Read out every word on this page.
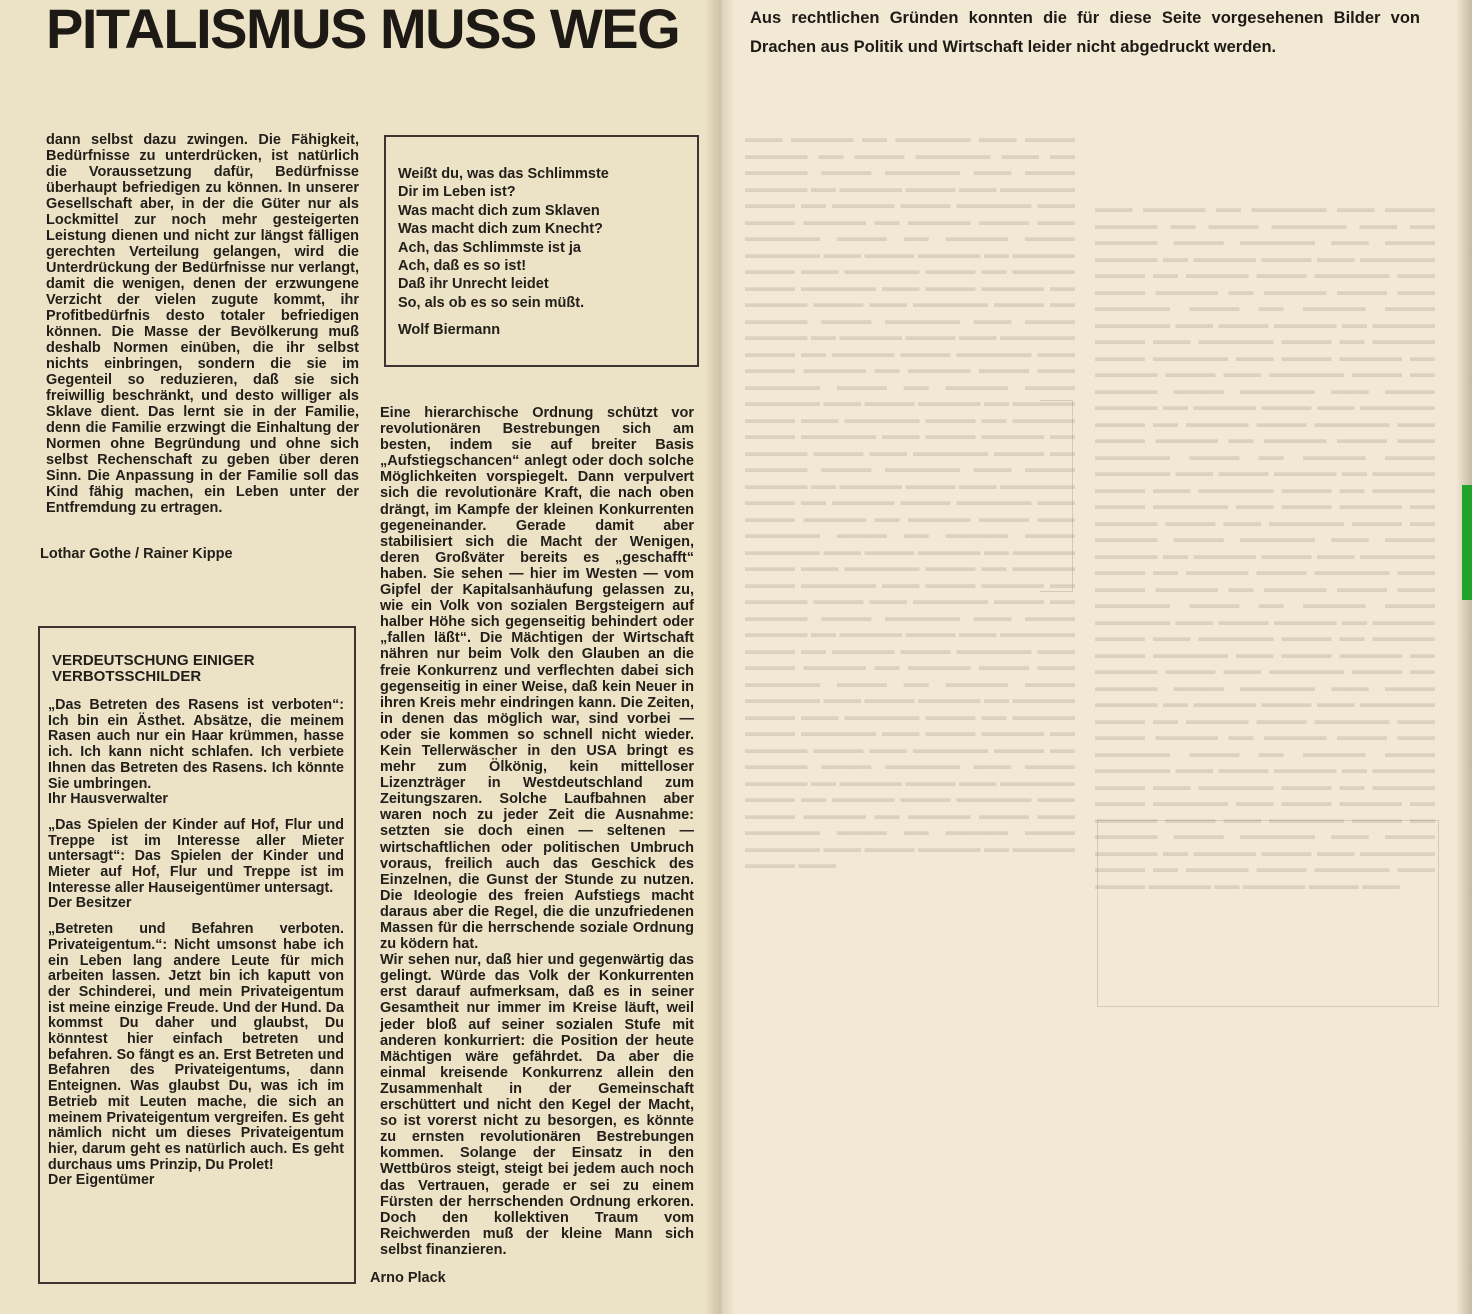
▬▬▬ ▬▬▬▬▬ ▬▬ ▬▬▬▬▬▬ ▬▬▬ ▬▬▬▬ ▬▬▬▬▬ ▬▬ ▬▬▬▬ ▬▬▬▬▬▬ ▬▬▬ ▬▬ ▬▬▬▬▬ ▬▬▬▬ ▬▬▬▬▬▬ ▬▬▬ ▬▬▬▬ ▬▬▬▬▬ ▬▬ ▬▬▬▬▬ ▬▬▬▬ ▬▬▬ ▬▬▬▬▬▬ ▬▬▬▬ ▬▬ ▬▬▬▬▬ ▬▬▬▬ ▬▬▬▬▬▬ ▬▬▬ ▬▬▬▬ ▬▬▬▬▬ ▬▬ ▬▬▬▬▬ ▬▬▬▬ ▬▬▬ ▬▬▬▬▬▬ ▬▬▬▬ ▬▬ ▬▬▬▬▬ ▬▬▬▬ ▬▬▬▬▬▬ ▬▬▬ ▬▬▬▬ ▬▬▬▬▬ ▬▬ ▬▬▬▬▬ ▬▬▬▬ ▬▬▬ ▬▬▬▬▬▬ ▬▬▬▬ ▬▬ ▬▬▬▬▬ ▬▬▬▬ ▬▬▬▬▬▬ ▬▬▬ ▬▬▬▬ ▬▬▬▬▬ ▬▬ ▬▬▬▬▬ ▬▬▬▬ ▬▬▬ ▬▬▬▬▬▬ ▬▬▬▬ ▬▬ ▬▬▬▬▬ ▬▬▬▬ ▬▬▬▬▬▬ ▬▬▬ ▬▬▬▬ ▬▬▬▬▬ ▬▬ ▬▬▬▬▬ ▬▬▬▬ ▬▬▬ ▬▬▬▬▬▬ ▬▬▬▬ ▬▬ ▬▬▬▬▬ ▬▬▬▬ ▬▬▬▬▬▬ ▬▬▬ ▬▬▬▬ ▬▬▬▬▬ ▬▬ ▬▬▬▬▬ ▬▬▬▬ ▬▬▬ ▬▬▬▬▬▬ ▬▬▬▬ ▬▬ ▬▬▬▬▬ ▬▬▬▬ ▬▬▬▬▬▬ ▬▬▬ ▬▬▬▬ ▬▬▬▬▬ ▬▬ ▬▬▬▬▬ ▬▬▬▬ ▬▬▬ ▬▬▬▬▬▬ ▬▬▬▬ ▬▬ ▬▬▬▬▬ ▬▬▬▬ ▬▬▬▬▬▬ ▬▬▬ ▬▬▬▬ ▬▬▬▬▬ ▬▬ ▬▬▬▬▬ ▬▬▬▬ ▬▬▬ ▬▬▬▬▬▬ ▬▬▬▬ ▬▬ ▬▬▬▬▬ ▬▬▬▬ ▬▬▬▬▬▬ ▬▬▬ ▬▬▬▬ ▬▬▬▬▬ ▬▬ ▬▬▬▬▬ ▬▬▬▬ ▬▬▬ ▬▬▬▬▬▬ ▬▬▬▬ ▬▬ ▬▬▬▬▬ ▬▬▬▬ ▬▬▬▬▬▬ ▬▬▬ ▬▬▬▬ ▬▬▬▬▬ ▬▬ ▬▬▬▬▬ ▬▬▬▬ ▬▬▬ ▬▬▬▬▬▬ ▬▬▬▬ ▬▬ ▬▬▬▬▬ ▬▬▬▬ ▬▬▬▬▬▬ ▬▬▬ ▬▬▬▬ ▬▬▬▬▬ ▬▬ ▬▬▬▬▬ ▬▬▬▬ ▬▬▬ ▬▬▬▬▬▬ ▬▬▬▬ ▬▬ ▬▬▬▬▬ ▬▬▬▬ ▬▬▬▬▬▬ ▬▬▬ ▬▬▬▬ ▬▬▬▬▬ ▬▬ ▬▬▬▬▬ ▬▬▬▬ ▬▬▬ ▬▬▬▬▬▬ ▬▬▬▬ ▬▬ ▬▬▬▬▬ ▬▬▬▬ ▬▬▬▬▬▬ ▬▬▬ ▬▬▬▬ ▬▬▬▬▬ ▬▬ ▬▬▬▬▬ ▬▬▬▬ ▬▬▬ ▬▬▬▬▬▬ ▬▬▬▬ ▬▬ ▬▬▬▬▬ ▬▬▬▬ ▬▬▬▬▬▬ ▬▬▬ ▬▬▬▬ ▬▬▬▬▬ ▬▬ ▬▬▬▬▬ ▬▬▬▬ ▬▬▬ ▬▬▬▬▬▬ ▬▬▬▬ ▬▬ ▬▬▬▬▬ ▬▬▬▬ ▬▬▬▬▬▬ ▬▬▬ ▬▬▬▬ ▬▬▬▬▬ ▬▬ ▬▬▬▬▬ ▬▬▬▬ ▬▬▬ ▬▬▬▬▬▬ ▬▬▬▬ ▬▬ ▬▬▬▬▬ ▬▬▬▬ ▬▬▬▬▬▬ ▬▬▬ ▬▬▬▬ ▬▬▬▬▬ ▬▬ ▬▬▬▬▬ ▬▬▬▬ ▬▬▬ ▬▬▬▬▬▬ ▬▬▬▬ ▬▬ ▬▬▬▬▬ ▬▬▬▬ ▬▬▬▬▬▬ ▬▬▬ ▬▬▬▬ ▬▬▬▬▬ ▬▬ ▬▬▬▬▬ ▬▬▬▬ ▬▬▬ ▬▬▬▬▬▬ ▬▬▬▬ ▬▬ ▬▬▬▬▬ ▬▬▬▬ ▬▬▬▬▬▬ ▬▬▬ ▬▬▬▬ ▬▬▬▬▬ ▬▬ ▬▬▬▬▬ ▬▬▬▬ ▬▬▬ ▬▬▬▬▬▬ ▬▬▬▬ ▬▬ ▬▬▬▬▬ ▬▬▬▬ ▬▬▬▬▬▬ ▬▬▬ ▬▬▬▬ ▬▬▬▬▬ ▬▬ ▬▬▬▬▬ ▬▬▬▬ ▬▬▬
▬▬▬ ▬▬▬▬▬ ▬▬ ▬▬▬▬▬▬ ▬▬▬ ▬▬▬▬ ▬▬▬▬▬ ▬▬ ▬▬▬▬ ▬▬▬▬▬▬ ▬▬▬ ▬▬ ▬▬▬▬▬ ▬▬▬▬ ▬▬▬▬▬▬ ▬▬▬ ▬▬▬▬ ▬▬▬▬▬ ▬▬ ▬▬▬▬▬ ▬▬▬▬ ▬▬▬ ▬▬▬▬▬▬ ▬▬▬▬ ▬▬ ▬▬▬▬▬ ▬▬▬▬ ▬▬▬▬▬▬ ▬▬▬ ▬▬▬▬ ▬▬▬▬▬ ▬▬ ▬▬▬▬▬ ▬▬▬▬ ▬▬▬ ▬▬▬▬▬▬ ▬▬▬▬ ▬▬ ▬▬▬▬▬ ▬▬▬▬ ▬▬▬▬▬▬ ▬▬▬ ▬▬▬▬ ▬▬▬▬▬ ▬▬ ▬▬▬▬▬ ▬▬▬▬ ▬▬▬ ▬▬▬▬▬▬ ▬▬▬▬ ▬▬ ▬▬▬▬▬ ▬▬▬▬ ▬▬▬▬▬▬ ▬▬▬ ▬▬▬▬ ▬▬▬▬▬ ▬▬ ▬▬▬▬▬ ▬▬▬▬ ▬▬▬ ▬▬▬▬▬▬ ▬▬▬▬ ▬▬ ▬▬▬▬▬ ▬▬▬▬ ▬▬▬▬▬▬ ▬▬▬ ▬▬▬▬ ▬▬▬▬▬ ▬▬ ▬▬▬▬▬ ▬▬▬▬ ▬▬▬ ▬▬▬▬▬▬ ▬▬▬▬ ▬▬ ▬▬▬▬▬ ▬▬▬▬ ▬▬▬▬▬▬ ▬▬▬ ▬▬▬▬ ▬▬▬▬▬ ▬▬ ▬▬▬▬▬ ▬▬▬▬ ▬▬▬ ▬▬▬▬▬▬ ▬▬▬▬ ▬▬ ▬▬▬▬▬ ▬▬▬▬ ▬▬▬▬▬▬ ▬▬▬ ▬▬▬▬ ▬▬▬▬▬ ▬▬ ▬▬▬▬▬ ▬▬▬▬ ▬▬▬ ▬▬▬▬▬▬ ▬▬▬▬ ▬▬ ▬▬▬▬▬ ▬▬▬▬ ▬▬▬▬▬▬ ▬▬▬ ▬▬▬▬ ▬▬▬▬▬ ▬▬ ▬▬▬▬▬ ▬▬▬▬ ▬▬▬ ▬▬▬▬▬▬ ▬▬▬▬ ▬▬ ▬▬▬▬▬ ▬▬▬▬ ▬▬▬▬▬▬ ▬▬▬ ▬▬▬▬ ▬▬▬▬▬ ▬▬ ▬▬▬▬▬ ▬▬▬▬ ▬▬▬ ▬▬▬▬▬▬ ▬▬▬▬ ▬▬ ▬▬▬▬▬ ▬▬▬▬ ▬▬▬▬▬▬ ▬▬▬ ▬▬▬▬ ▬▬▬▬▬ ▬▬ ▬▬▬▬▬ ▬▬▬▬ ▬▬▬ ▬▬▬▬▬▬ ▬▬▬▬ ▬▬ ▬▬▬▬▬ ▬▬▬▬ ▬▬▬▬▬▬ ▬▬▬ ▬▬▬▬ ▬▬▬▬▬ ▬▬ ▬▬▬▬▬ ▬▬▬▬ ▬▬▬ ▬▬▬▬▬▬ ▬▬▬▬ ▬▬ ▬▬▬▬▬ ▬▬▬▬ ▬▬▬▬▬▬ ▬▬▬ ▬▬▬▬ ▬▬▬▬▬ ▬▬ ▬▬▬▬▬ ▬▬▬▬ ▬▬▬ ▬▬▬▬▬▬ ▬▬▬▬ ▬▬ ▬▬▬▬▬ ▬▬▬▬ ▬▬▬▬▬▬ ▬▬▬ ▬▬▬▬ ▬▬▬▬▬ ▬▬ ▬▬▬▬▬ ▬▬▬▬ ▬▬▬ ▬▬▬▬▬▬ ▬▬▬▬ ▬▬ ▬▬▬▬▬ ▬▬▬▬ ▬▬▬▬▬▬ ▬▬▬ ▬▬▬▬ ▬▬▬▬▬ ▬▬ ▬▬▬▬▬ ▬▬▬▬ ▬▬▬ ▬▬▬▬▬▬ ▬▬▬▬ ▬▬ ▬▬▬▬▬ ▬▬▬▬ ▬▬▬▬▬▬ ▬▬▬ ▬▬▬▬ ▬▬▬▬▬ ▬▬ ▬▬▬▬▬ ▬▬▬▬ ▬▬▬ ▬▬▬▬▬▬ ▬▬▬▬ ▬▬ ▬▬▬▬▬ ▬▬▬▬ ▬▬▬▬▬▬ ▬▬▬ ▬▬▬▬ ▬▬▬▬▬ ▬▬ ▬▬▬▬▬ ▬▬▬▬ ▬▬▬ ▬▬▬▬▬▬ ▬▬▬▬ ▬▬ ▬▬▬▬▬ ▬▬▬▬ ▬▬▬▬▬▬ ▬▬▬ ▬▬▬▬ ▬▬▬▬▬ ▬▬ ▬▬▬▬▬ ▬▬▬▬ ▬▬▬ ▬▬▬▬▬▬ ▬▬▬▬ ▬▬ ▬▬▬▬▬ ▬▬▬▬ ▬▬▬▬▬▬ ▬▬▬ ▬▬▬▬ ▬▬▬▬▬ ▬▬ ▬▬▬▬▬ ▬▬▬▬ ▬▬▬
PITALISMUS MUSS WEG

dann selbst dazu zwingen. Die Fähigkeit, Bedürfnisse zu unterdrücken, ist natürlich die Voraussetzung dafür, Bedürfnisse überhaupt befriedigen zu können. In unserer Gesellschaft aber, in der die Güter nur als Lockmittel zur noch mehr gesteigerten Leistung dienen und nicht zur längst fälligen gerechten Verteilung gelangen, wird die Unterdrückung der Bedürfnisse nur verlangt, damit die wenigen, denen der erzwungene Verzicht der vielen zugute kommt, ihr Profitbedürfnis desto totaler befriedigen können. Die Masse der Bevölkerung muß deshalb Normen einüben, die ihr selbst nichts einbringen, sondern die sie im Gegenteil so reduzieren, daß sie sich freiwillig beschränkt, und desto williger als Sklave dient. Das lernt sie in der Familie, denn die Familie erzwingt die Einhaltung der Normen ohne Begründung und ohne sich selbst Rechenschaft zu geben über deren Sinn. Die Anpassung in der Familie soll das Kind fähig machen, ein Leben unter der Entfremdung zu ertragen.

Lothar Gothe / Rainer Kippe
Weißt du, was das Schlimmste
Dir im Leben ist?
Was macht dich zum Sklaven
Was macht dich zum Knecht?
Ach, das Schlimmste ist ja
Ach, daß es so ist!
Daß ihr Unrecht leidet
So, als ob es so sein müßt.
Wolf Biermann
VERDEUTSCHUNG EINIGER VERBOTSSCHILDER

„Das Betreten des Rasens ist verboten“: Ich bin ein Ästhet. Absätze, die meinem Rasen auch nur ein Haar krümmen, hasse ich. Ich kann nicht schlafen. Ich verbiete Ihnen das Betreten des Rasens. Ich könnte Sie umbringen.

Ihr Hausverwalter

„Das Spielen der Kinder auf Hof, Flur und Treppe ist im Interesse aller Mieter untersagt“: Das Spielen der Kinder und Mieter auf Hof, Flur und Treppe ist im Interesse aller Hauseigentümer untersagt.

Der Besitzer

„Betreten und Befahren verboten. Privateigentum.“: Nicht umsonst habe ich ein Leben lang andere Leute für mich arbeiten lassen. Jetzt bin ich kaputt von der Schinderei, und mein Privateigentum ist meine einzige Freude. Und der Hund. Da kommst Du daher und glaubst, Du könntest hier einfach betreten und befahren. So fängt es an. Erst Betreten und Befahren des Privateigentums, dann Enteignen. Was glaubst Du, was ich im Betrieb mit Leuten mache, die sich an meinem Privateigentum vergreifen. Es geht nämlich nicht um dieses Privateigentum hier, darum geht es natürlich auch. Es geht durchaus ums Prinzip, Du Prolet!

Der Eigentümer

Eine hierarchische Ordnung schützt vor revolutionären Bestrebungen sich am besten, indem sie auf breiter Basis „Aufstiegschancen“ anlegt oder doch solche Möglichkeiten vorspiegelt. Dann verpulvert sich die revolutionäre Kraft, die nach oben drängt, im Kampfe der kleinen Konkurrenten gegeneinander. Gerade damit aber stabilisiert sich die Macht der Wenigen, deren Großväter bereits es „geschafft“ haben. Sie sehen — hier im Westen — vom Gipfel der Kapitalsanhäufung gelassen zu, wie ein Volk von sozialen Bergsteigern auf halber Höhe sich gegenseitig behindert oder „fallen läßt“. Die Mächtigen der Wirtschaft nähren nur beim Volk den Glauben an die freie Konkurrenz und verflechten dabei sich gegenseitig in einer Weise, daß kein Neuer in ihren Kreis mehr eindringen kann. Die Zeiten, in denen das möglich war, sind vorbei — oder sie kommen so schnell nicht wieder. Kein Tellerwäscher in den USA bringt es mehr zum Ölkönig, kein mittelloser Lizenzträger in Westdeutschland zum Zeitungszaren. Solche Laufbahnen aber waren noch zu jeder Zeit die Ausnahme: setzten sie doch einen — seltenen — wirtschaftlichen oder politischen Umbruch voraus, freilich auch das Geschick des Einzelnen, die Gunst der Stunde zu nutzen. Die Ideologie des freien Aufstiegs macht daraus aber die Regel, die die unzufriedenen Massen für die herrschende soziale Ordnung zu ködern hat.

Wir sehen nur, daß hier und gegenwärtig das gelingt. Würde das Volk der Konkurrenten erst darauf aufmerksam, daß es in seiner Gesamtheit nur immer im Kreise läuft, weil jeder bloß auf seiner sozialen Stufe mit anderen konkurriert: die Position der heute Mächtigen wäre gefährdet. Da aber die einmal kreisende Konkurrenz allein den Zusammenhalt in der Gemeinschaft erschüttert und nicht den Kegel der Macht, so ist vorerst nicht zu besorgen, es könnte zu ernsten revolutionären Bestrebungen kommen. Solange der Einsatz in den Wettbüros steigt, steigt bei jedem auch noch das Vertrauen, gerade er sei zu einem Fürsten der herrschenden Ordnung erkoren. Doch den kollektiven Traum vom Reichwerden muß der kleine Mann sich selbst finanzieren.

Arno Plack
Aus rechtlichen Gründen konnten die für diese Seite vorgesehenen Bilder von Drachen aus Politik und Wirtschaft leider nicht abgedruckt werden.
